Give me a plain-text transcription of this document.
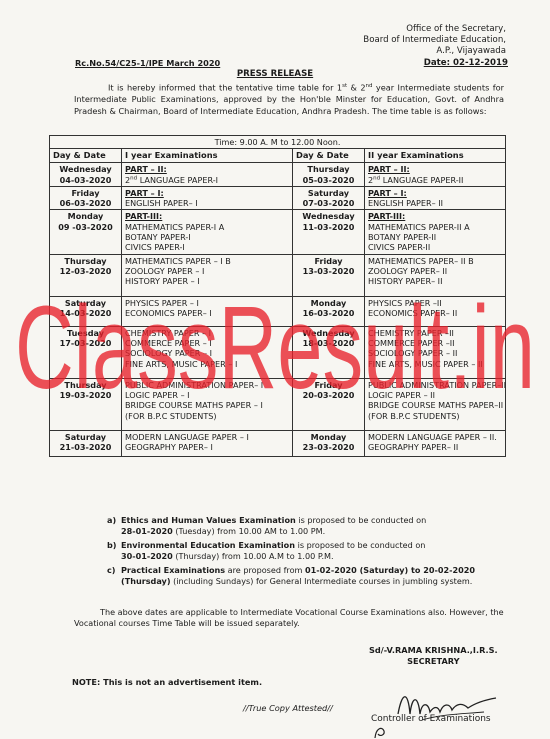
Office of the Secretary,
Board of Intermediate Education,
A.P., Vijayawada
Rc.No.54/C25-1/IPE March 2020	Date: 02-12-2019
PRESS RELEASE
It is hereby informed that the tentative time table for 1st & 2nd year Intermediate students for Intermediate Public Examinations, approved by the Hon'ble Minster for Education, Govt. of Andhra Pradesh & Chairman, Board of Intermediate Education, Andhra Pradesh. The time table is as follows:
Time: 9.00 A. M to 12.00 Noon.			
Day & Date	I year Examinations	Day & Date	II year Examinations

Wednesday
04-03-2020	PART – II:
2nd LANGUAGE PAPER-I	Thursday
05-03-2020	PART – II:
2nd LANGUAGE PAPER-II

Friday
06-03-2020	PART – I:
ENGLISH PAPER– I	Saturday
07-03-2020	PART – I:
ENGLISH PAPER– II

Monday
09 -03-2020	PART-III:
MATHEMATICS PAPER-I A
BOTANY PAPER-I
CIVICS PAPER-I	Wednesday
11-03-2020	PART-III:
MATHEMATICS PAPER-II A
BOTANY PAPER-II
CIVICS PAPER-II

Thursday
12-03-2020	MATHEMATICS PAPER – I B
ZOOLOGY PAPER – I
HISTORY PAPER – I	Friday
13-03-2020	MATHEMATICS PAPER– II B
ZOOLOGY PAPER– II
HISTORY PAPER– II

Saturday
14-03-2020	PHYSICS PAPER – I
ECONOMICS PAPER– I	Monday
16-03-2020	PHYSICS PAPER –II
ECONOMICS PAPER– II

Tuesday
17-03-2020	CHEMISTRY PAPER – I
COMMERCE PAPER – I
SOCIOLOGY PAPER – I
FINE ARTS, MUSIC PAPER – I	Wednesday
18-03-2020	CHEMISTRY PAPER –II
COMMERCE PAPER –II
SOCIOLOGY PAPER – II
FINE ARTS, MUSIC PAPER – II

Thursday
19-03-2020	PUBLIC ADMINISTRATION PAPER– I
LOGIC PAPER – I
BRIDGE COURSE MATHS PAPER – I
(FOR B.P.C STUDENTS)	Friday
20-03-2020	PUBLIC ADMINISTRATION PAPER–II
LOGIC PAPER – II
BRIDGE COURSE MATHS PAPER–II
(FOR B.P.C STUDENTS)

Saturday
21-03-2020	MODERN LANGUAGE PAPER – I
GEOGRAPHY PAPER– I	Monday
23-03-2020	MODERN LANGUAGE PAPER – II.
GEOGRAPHY PAPER– II
a) Ethics and Human Values Examination is proposed to be conducted on
28-01-2020 (Tuesday) from 10.00 AM to 1.00 PM.
b) Environmental Education Examination is proposed to be conducted on
30-01-2020 (Thursday) from 10.00 A.M to 1.00 P.M.
c) Practical Examinations are proposed from 01-02-2020 (Saturday) to 20-02-2020 (Thursday) (including Sundays) for General Intermediate courses in jumbling system.
The above dates are applicable to Intermediate Vocational Course Examinations also. However, the Vocational courses Time Table will be issued separately.
Sd/-V.RAMA KRISHNA.,I.R.S.
SECRETARY
NOTE: This is not an advertisement item.
//True Copy Attested//
Controller of Examinations
ClassResult.in
